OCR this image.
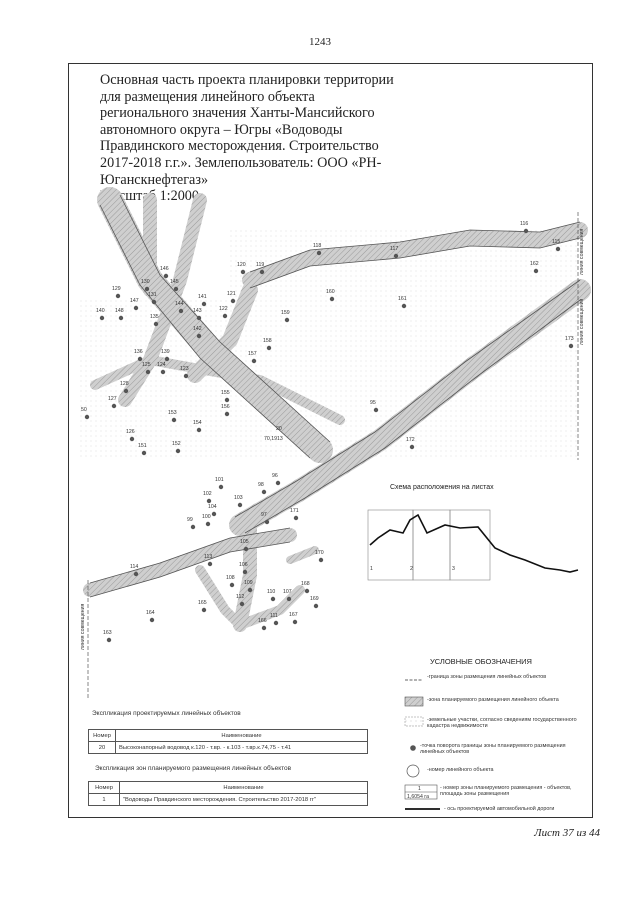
1243
Основная часть проекта планировки территории
для размещения линейного объекта
регионального значения Ханты-Мансийского
автономного округа – Югры «Водоводы
Правдинского месторождения. Строительство
2017-2018 г.г.». Землепользователь: ООО «РН-
Юганскнефтегаз»
Масштаб 1:2000
116
115
117
118
162
120 119
160
161
146
130
129
131
147
145
144
141	121
122
143	159
148
135
140
142
158
157
136	139
125 124
123
173
128
127
155
156
153
154
126
151	152
95
172
50
101
98
96
102
103
104
100	97
171
99
105
170
114
113
106
108
109
110
168
107
169
112
111
166
167
165
164
163
20
70,1913
линия совмещения
линия совмещения
линия совмещения
1	2	3
1
1,6054 га
Схема расположения на листах
УСЛОВНЫЕ ОБОЗНАЧЕНИЯ
-граница зоны размещения линейных объектов
-зона планируемого размещения линейного объекта
-земельные участки, согласно сведениям государственного кадастра недвижимости
-точка поворота границы зоны планируемого размещения линейных объектов
-номер линейного объекта
- номер зоны планируемого размещения - объектов, площадь зоны размещения
- ось проектируемой автомобильной дороги
Экспликация проектируемых линейных объектов
Номер	Наименование
20	Высоконапорный водовод к.120 - т.вр. - к.103 - т.вр.к.74,75 - т.41
Экспликация зон планируемого размещения линейных объектов
Номер	Наименование
1	"Водоводы Правдинского месторождения. Строительство 2017-2018 гг"
Лист 37 из 44
